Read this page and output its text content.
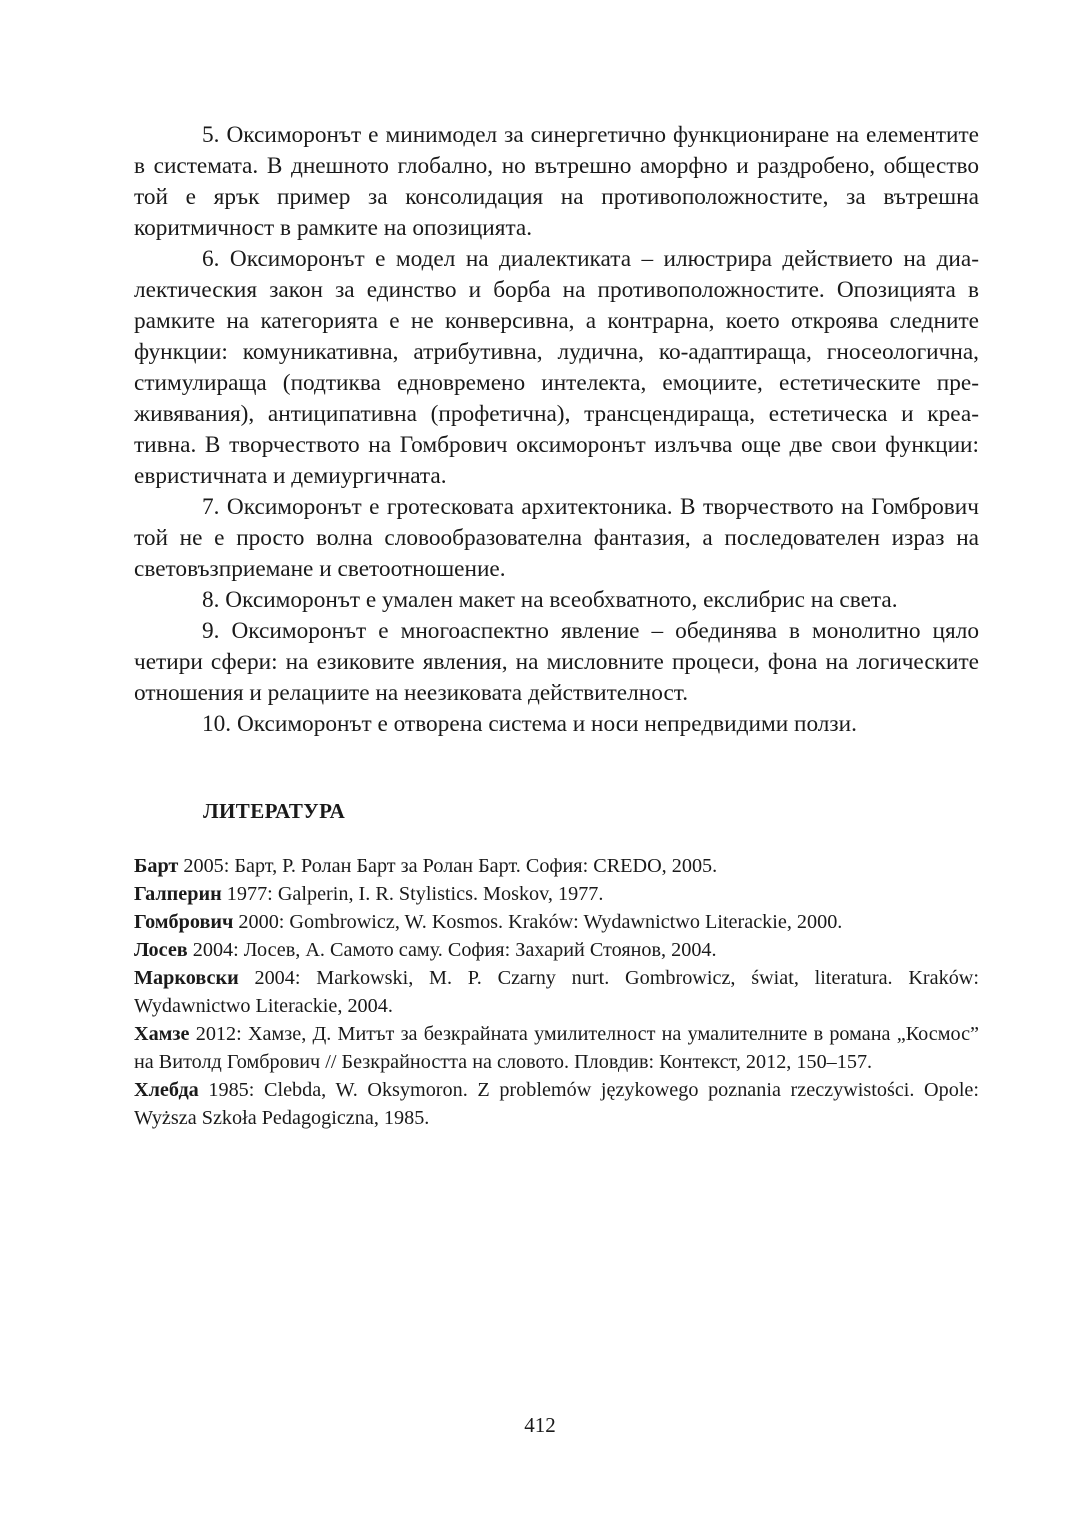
5. Оксиморонът е минимодел за синергетично функциониране на елементите в системата. В днешното глобално, но вътрешно аморфно и раздробено, общество той е ярък пример за консолидация на противоположностите, за вътрешна коритмичност в рамките на опозицията.

6. Оксиморонът е модел на диалектиката – илюстрира действието на диалектическия закон за единство и борба на противоположностите. Опозицията в рамките на категорията е не конверсивна, а контрарна, което откроява следните функции: комуникативна, атрибутивна, лудична, ко-адаптираща, гносеологична, стимулираща (подтиква едновремено интелекта, емоциите, естетическите преживявания), антиципативна (профетична), трансцендираща, естетическа и креативна. В творчеството на Гомбрович оксиморонът излъчва още две свои функции: евристичната и демиургичната.

7. Оксиморонът е гротесковата архитектоника. В творчеството на Гомбрович той не е просто волна словообразователна фантазия, а последователен израз на световъзприемане и светоотношение.

8. Оксиморонът е умален макет на всеобхватното, екслибрис на света.

9. Оксиморонът е многоаспектно явление – обединява в монолитно цяло четири сфери: на езиковите явления, на мисловните процеси, фона на логическите отношения и релациите на неезиковата действителност.

10. Оксиморонът е отворена система и носи непредвидими ползи.

ЛИТЕРАТУРА
Барт 2005: Барт, Р. Ролан Барт за Ролан Барт. София: CREDO, 2005.
Галперин 1977: Galperin, I. R. Stylistics. Moskov, 1977.
Гомбрович 2000: Gombrowicz, W. Kosmos. Kraków: Wydawnictwo Literackie, 2000.
Лосев 2004: Лосев, А. Самото саму. София: Захарий Стоянов, 2004.
Марковски 2004: Markowski, M. P. Czarny nurt. Gombrowicz, świat, literatura. Kraków: Wydawnictwo Literackie, 2004.
Хамзе 2012: Хамзе, Д. Митът за безкрайната умилителност на умалителните в романа „Космос” на Витолд Гомбрович // Безкрайността на словото. Пловдив: Контекст, 2012, 150–157.
Хлебда 1985: Clebda, W. Oksymoron. Z problemów językowego poznania rzeczywistości. Opole: Wyższa Szkoła Pedagogiczna, 1985.
412
